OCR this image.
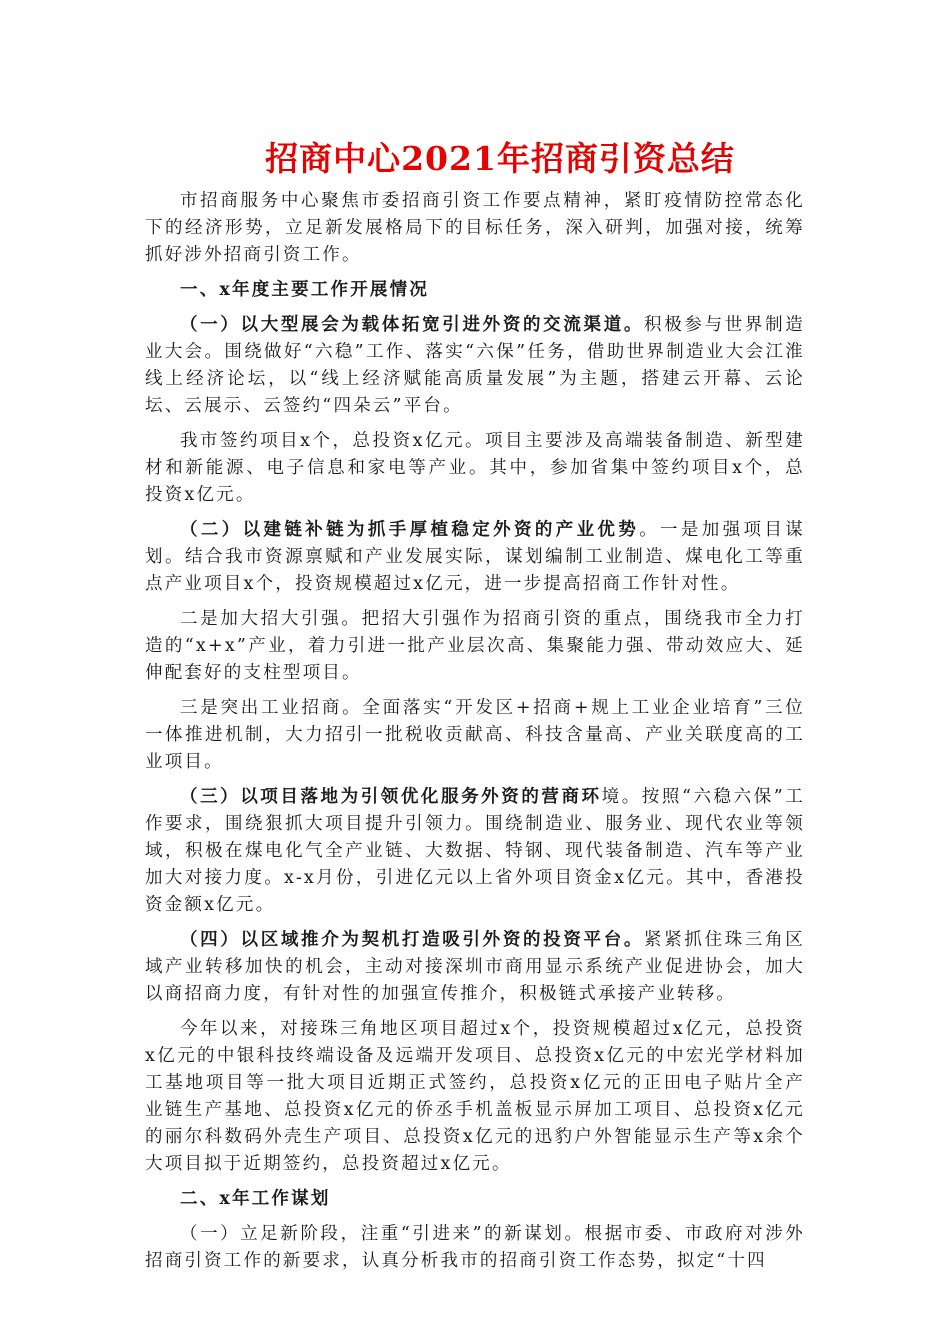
招商中心2021年招商引资总结

市招商服务中心聚焦市委招商引资工作要点精神，紧盯疫情防控常态化下的经济形势，立足新发展格局下的目标任务，深入研判，加强对接，统筹抓好涉外招商引资工作。

一、x年度主要工作开展情况

（一）以大型展会为载体拓宽引进外资的交流渠道。积极参与世界制造业大会。围绕做好“六稳”工作、落实“六保”任务，借助世界制造业大会江淮线上经济论坛，以“线上经济赋能高质量发展”为主题，搭建云开幕、云论坛、云展示、云签约“四朵云”平台。

我市签约项目x个，总投资x亿元。项目主要涉及高端装备制造、新型建材和新能源、电子信息和家电等产业。其中，参加省集中签约项目x个，总投资x亿元。

（二）以建链补链为抓手厚植稳定外资的产业优势。一是加强项目谋划。结合我市资源禀赋和产业发展实际，谋划编制工业制造、煤电化工等重点产业项目x个，投资规模超过x亿元，进一步提高招商工作针对性。

二是加大招大引强。把招大引强作为招商引资的重点，围绕我市全力打造的“x+x”产业，着力引进一批产业层次高、集聚能力强、带动效应大、延伸配套好的支柱型项目。

三是突出工业招商。全面落实“开发区+招商+规上工业企业培育”三位一体推进机制，大力招引一批税收贡献高、科技含量高、产业关联度高的工业项目。

（三）以项目落地为引领优化服务外资的营商环境。按照“六稳六保”工作要求，围绕狠抓大项目提升引领力。围绕制造业、服务业、现代农业等领域，积极在煤电化气全产业链、大数据、特钢、现代装备制造、汽车等产业加大对接力度。x-x月份，引进亿元以上省外项目资金x亿元。其中，香港投资金额x亿元。

（四）以区域推介为契机打造吸引外资的投资平台。紧紧抓住珠三角区域产业转移加快的机会，主动对接深圳市商用显示系统产业促进协会，加大以商招商力度，有针对性的加强宣传推介，积极链式承接产业转移。

今年以来，对接珠三角地区项目超过x个，投资规模超过x亿元，总投资x亿元的中银科技终端设备及远端开发项目、总投资x亿元的中宏光学材料加工基地项目等一批大项目近期正式签约，总投资x亿元的正田电子贴片全产业链生产基地、总投资x亿元的侨丞手机盖板显示屏加工项目、总投资x亿元的丽尔科数码外壳生产项目、总投资x亿元的迅豹户外智能显示生产等x余个大项目拟于近期签约，总投资超过x亿元。

二、x年工作谋划

（一）立足新阶段，注重“引进来”的新谋划。根据市委、市政府对涉外招商引资工作的新要求，认真分析我市的招商引资工作态势，拟定“十四
